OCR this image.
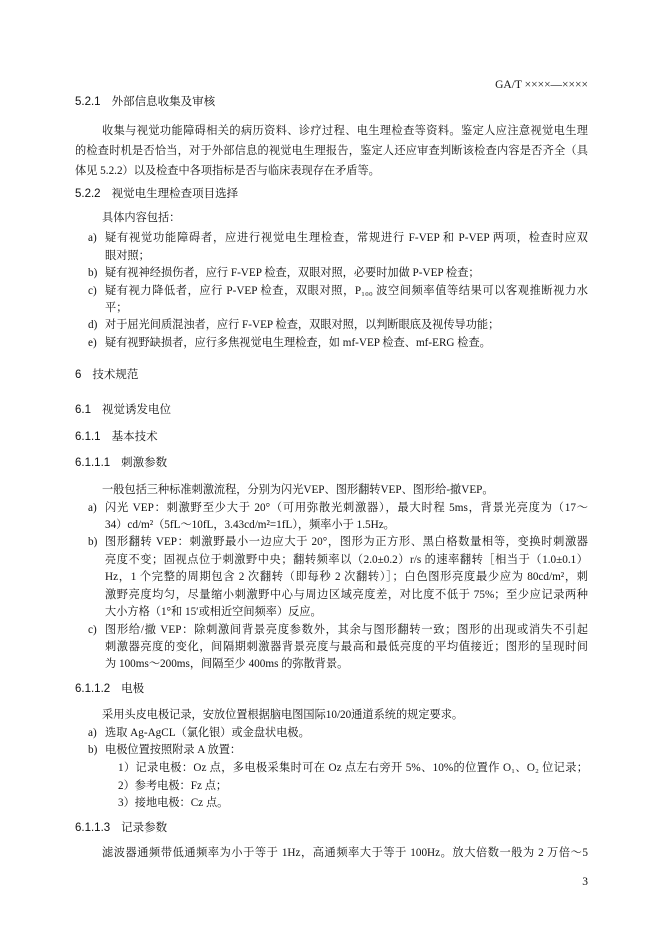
GA/T ××××—××××
5.2.1 外部信息收集及审核
收集与视觉功能障碍相关的病历资料、诊疗过程、电生理检查等资料。鉴定人应注意视觉电生理
的检查时机是否恰当，对于外部信息的视觉电生理报告，鉴定人还应审查判断该检查内容是否齐全（具
体见 5.2.2）以及检查中各项指标是否与临床表现存在矛盾等。
5.2.2 视觉电生理检查项目选择
具体内容包括：
a) 疑有视觉功能障碍者，应进行视觉电生理检查，常规进行 F-VEP 和 P-VEP 两项，检查时应双
眼对照；
b) 疑有视神经损伤者，应行 F-VEP 检查，双眼对照，必要时加做 P-VEP 检查；
c) 疑有视力降低者，应行 P-VEP 检查，双眼对照，P₁₀₀ 波空间频率值等结果可以客观推断视力水
平；
d) 对于屈光间质混浊者，应行 F-VEP 检查，双眼对照，以判断眼底及视传导功能；
e) 疑有视野缺损者，应行多焦视觉电生理检查，如 mf-VEP 检查、mf-ERG 检查。
6 技术规范
6.1 视觉诱发电位
6.1.1 基本技术
6.1.1.1 刺激参数
一般包括三种标准刺激流程，分别为闪光VEP、图形翻转VEP、图形给-撤VEP。
a) 闪光 VEP：刺激野至少大于 20°（可用弥散光刺激器），最大时程 5ms，背景光亮度为（17～
34）cd/m²（5fL～10fL，3.43cd/m²=1fL），频率小于 1.5Hz。
b) 图形翻转 VEP：刺激野最小一边应大于 20°，图形为正方形、黑白格数量相等，变换时刺激器
亮度不变；固视点位于刺激野中央；翻转频率以（2.0±0.2）r/s 的速率翻转［相当于（1.0±0.1）
Hz，1 个完整的周期包含 2 次翻转（即每秒 2 次翻转）］；白色图形亮度最少应为 80cd/m²，刺
激野亮度均匀，尽量缩小刺激野中心与周边区域亮度差，对比度不低于 75%；至少应记录两种
大小方格（1°和 15′或相近空间频率）反应。
c) 图形给/撤 VEP：除刺激间背景亮度参数外，其余与图形翻转一致；图形的出现或消失不引起
刺激器亮度的变化，间隔期刺激器背景亮度与最高和最低亮度的平均值接近；图形的呈现时间
为 100ms～200ms，间隔至少 400ms 的弥散背景。
6.1.1.2 电极
采用头皮电极记录，安放位置根据脑电图国际10/20通道系统的规定要求。
a) 选取 Ag-AgCL（氯化银）或金盘状电极。
b) 电极位置按照附录 A 放置：
1）记录电极：Oz 点，多电极采集时可在 Oz 点左右旁开 5%、10%的位置作 O₁、O₂ 位记录；
2）参考电极：Fz 点；
3）接地电极：Cz 点。
6.1.1.3 记录参数
滤波器通频带低通频率为小于等于 1Hz，高通频率大于等于 100Hz。放大倍数一般为 2 万倍～5
3
